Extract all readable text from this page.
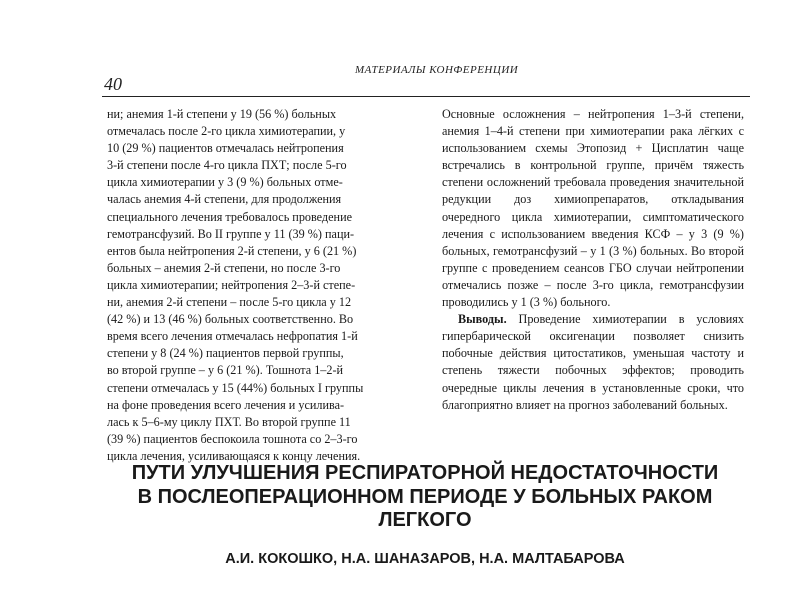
40
МАТЕРИАЛЫ КОНФЕРЕНЦИИ
ни; анемия 1-й степени у 19 (56 %) больных
отмечалась после 2-го цикла химиотерапии, у
10 (29 %) пациентов отмечалась нейтропения
3-й степени после 4-го цикла ПХТ; после 5-го
цикла химиотерапии у 3 (9 %) больных отме-
чалась анемия 4-й степени, для продолжения
специального лечения требовалось проведение
гемотрансфузий. Во II группе у 11 (39 %) паци-
ентов была нейтропения 2-й степени, у 6 (21 %)
больных – анемия 2-й степени, но после 3-го
цикла химиотерапии; нейтропения 2–3-й степе-
ни, анемия 2-й степени – после 5-го цикла у 12
(42 %) и 13 (46 %) больных соответственно. Во
время всего лечения отмечалась нефропатия 1-й
степени у 8 (24 %) пациентов первой группы,
во второй группе – у 6 (21 %). Тошнота 1–2-й
степени отмечалась у 15 (44%) больных I группы
на фоне проведения всего лечения и усилива-
лась к 5–6-му циклу ПХТ. Во второй группе 11
(39 %) пациентов беспокоила тошнота со 2–3-го
цикла лечения, усиливающаяся к концу лечения.

Основные осложнения – нейтропения 1–3-й степени, анемия 1–4-й степени при химиотерапии рака лёгких с использованием схемы Этопозид + Цисплатин чаще встречались в контрольной группе, причём тяжесть степени осложнений требовала проведения значительной редукции доз химиопрепаратов, откладывания очередного цикла химиотерапии, симптоматического лечения с использованием введения КСФ – у 3 (9 %) больных, гемотрансфузий – у 1 (3 %) больных. Во второй группе с проведением сеансов ГБО случаи нейтропении отмечались позже – после 3-го цикла, гемотрансфузии проводились у 1 (3 %) больного.

Выводы. Проведение химиотерапии в условиях гипербарической оксигенации позволяет снизить побочные действия цитостатиков, уменьшая частоту и степень тяжести побочных эффектов; проводить очередные циклы лечения в установленные сроки, что благоприятно влияет на прогноз заболеваний больных.

ПУТИ УЛУЧШЕНИЯ РЕСПИРАТОРНОЙ НЕДОСТАТОЧНОСТИ
В ПОСЛЕОПЕРАЦИОННОМ ПЕРИОДЕ У БОЛЬНЫХ РАКОМ
ЛЕГКОГО
А.И. КОКОШКО, Н.А. ШАНАЗАРОВ, Н.А. МАЛТАБАРОВА
